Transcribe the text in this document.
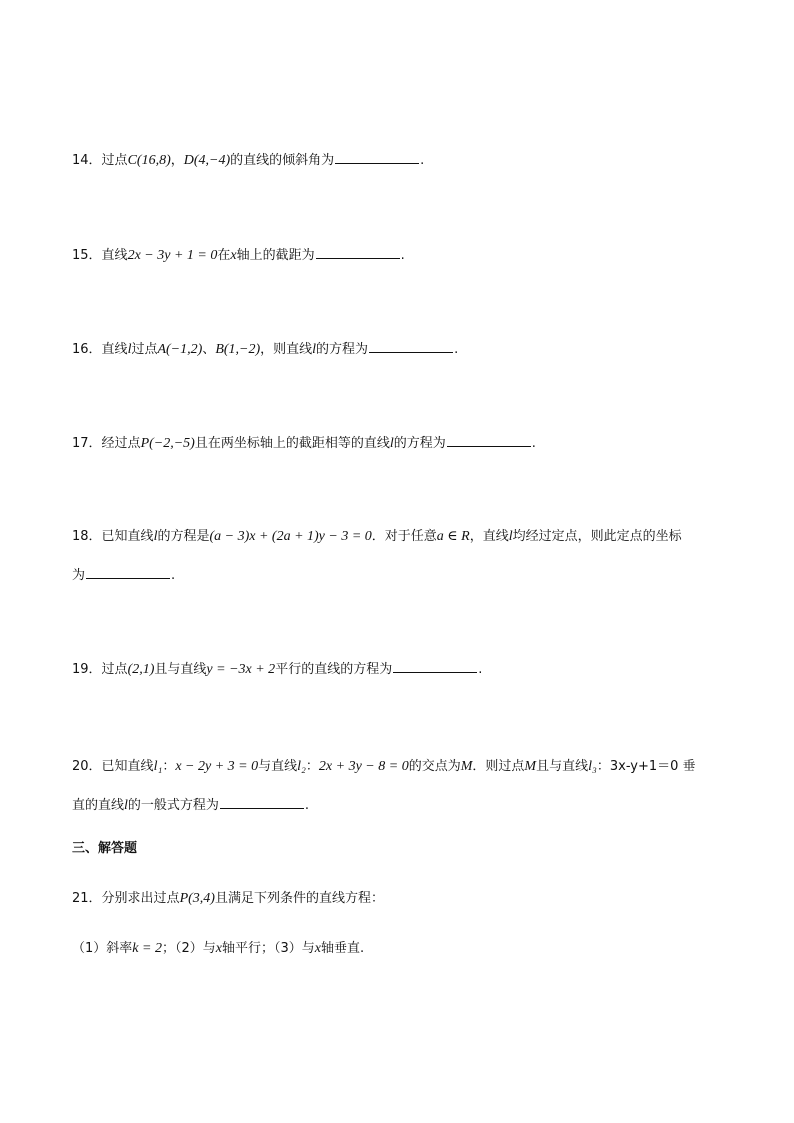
14．过点C(16,8)，D(4,−4)的直线的倾斜角为	.
15．直线2x − 3y + 1 = 0在x轴上的截距为	.
16．直线l过点A(−1,2)、B(1,−2)，则直线l的方程为	.
17．经过点P(−2,−5)且在两坐标轴上的截距相等的直线l的方程为	.
18．已知直线l的方程是(a − 3)x + (2a + 1)y − 3 = 0．对于任意a ∈ R，直线l均经过定点，则此定点的坐标
为	.
19．过点(2,1)且与直线y = −3x + 2平行的直线的方程为	.
20．已知直线l₁：x − 2y + 3 = 0与直线l₂：2x + 3y − 8 = 0的交点为M．则过点M且与直线l₃：3x-y+1＝0 垂
直的直线l的一般式方程为	.
三、解答题
21．分别求出过点P(3,4)且满足下列条件的直线方程：
（1）斜率k = 2；（2）与x轴平行；（3）与x轴垂直.
